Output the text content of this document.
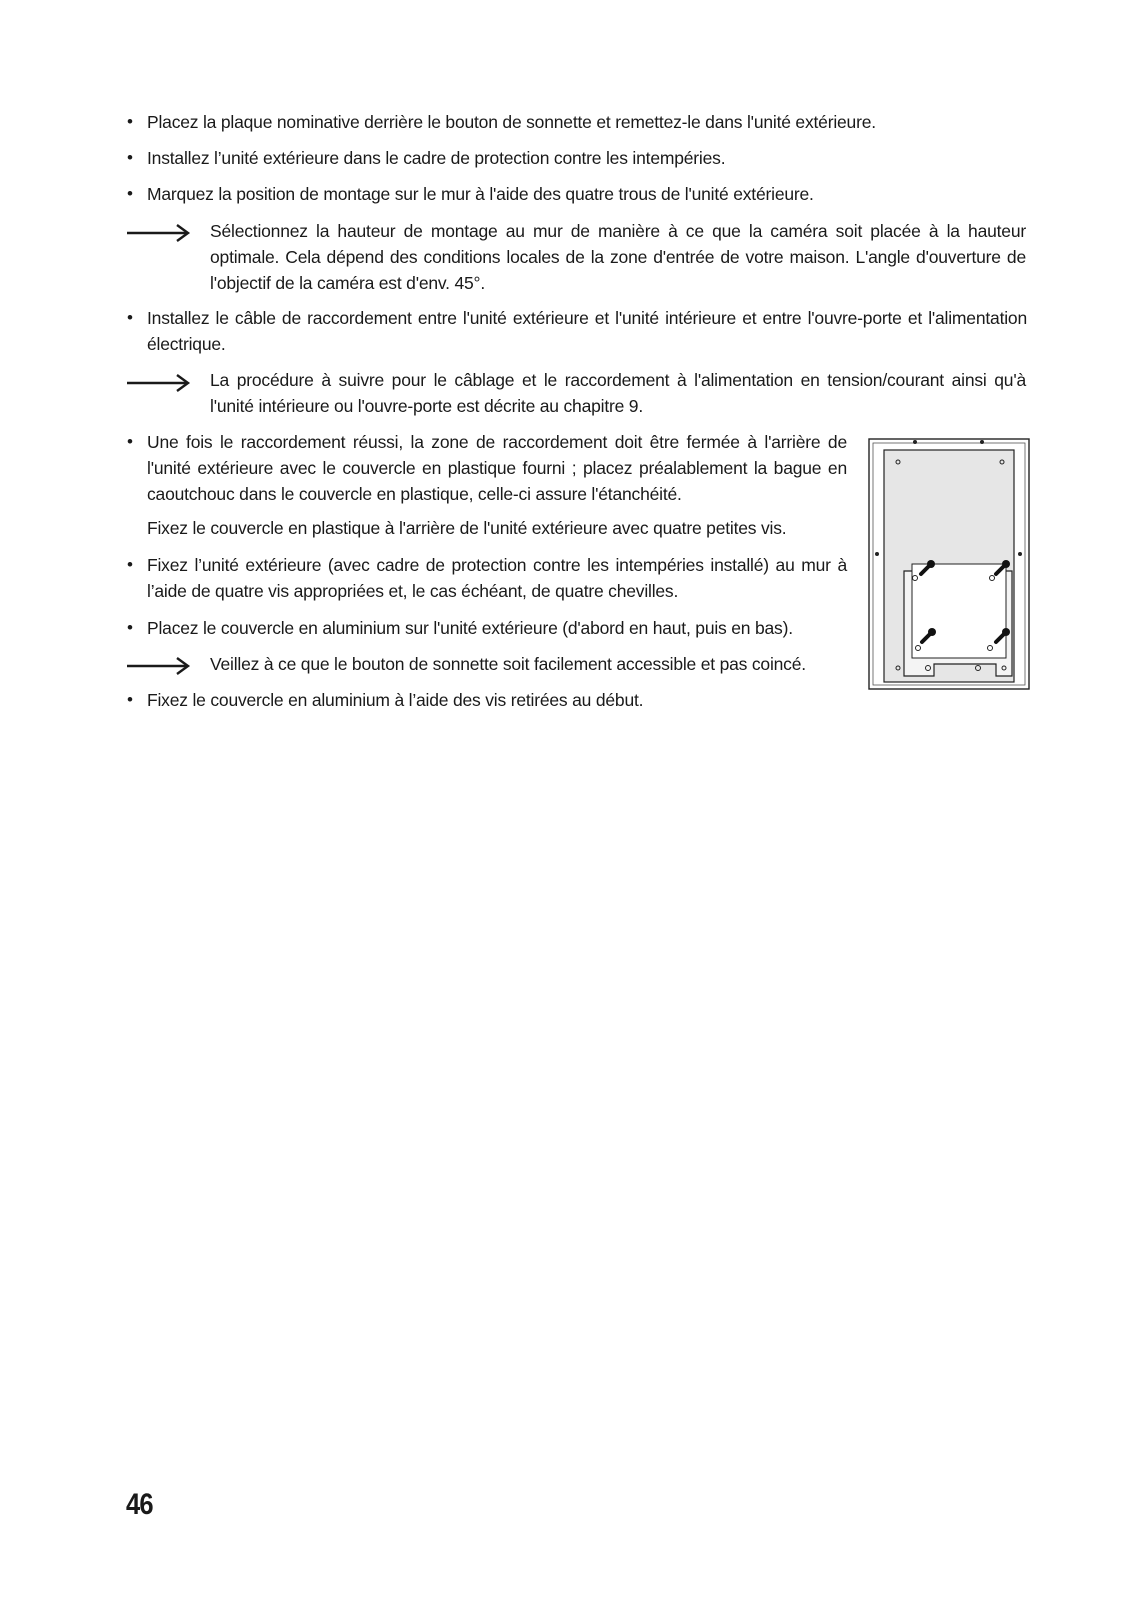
• Placez la plaque nominative derrière le bouton de sonnette et remettez-le dans l'unité extérieure.
• Installez l’unité extérieure dans le cadre de protection contre les intempéries.
• Marquez la position de montage sur le mur à l'aide des quatre trous de l'unité extérieure.
Sélectionnez la hauteur de montage au mur de manière à ce que la caméra soit placée à la hauteur optimale. Cela dépend des conditions locales de la zone d'entrée de votre maison. L'angle d'ouverture de l'objectif de la caméra est d'env. 45°.
• Installez le câble de raccordement entre l'unité extérieure et l'unité intérieure et entre l'ouvre-porte et l'alimentation électrique.
La procédure à suivre pour le câblage et le raccordement à l'alimentation en tension/courant ainsi qu'à l'unité intérieure ou l'ouvre-porte est décrite au chapitre 9.
• Une fois le raccordement réussi, la zone de raccordement doit être fermée à l'arrière de l'unité extérieure avec le couvercle en plastique fourni ; placez préalablement la bague en caoutchouc dans le couvercle en plastique, celle-ci assure l'étanchéité.
Fixez le couvercle en plastique à l'arrière de l'unité extérieure avec quatre petites vis.
• Fixez l’unité extérieure (avec cadre de protection contre les intempéries installé) au mur à l’aide de quatre vis appropriées et, le cas échéant, de quatre chevilles.
• Placez le couvercle en aluminium sur l'unité extérieure (d'abord en haut, puis en bas).
Veillez à ce que le bouton de sonnette soit facilement accessible et pas coincé.
• Fixez le couvercle en aluminium à l’aide des vis retirées au début.
46
